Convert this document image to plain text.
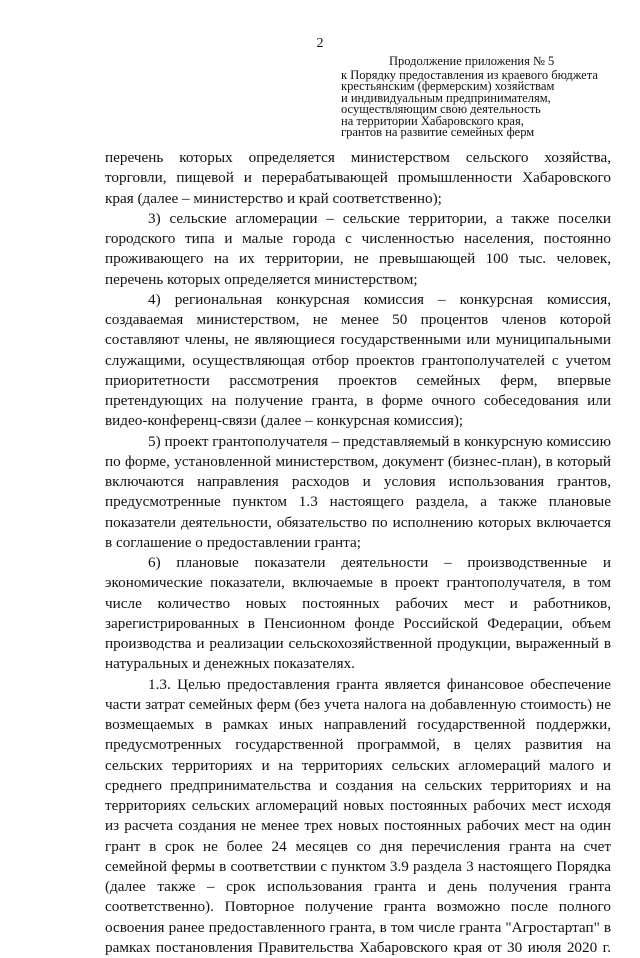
2
Продолжение приложения № 5
к Порядку предоставления из краевого бюджета
крестьянским (фермерским) хозяйствам
и индивидуальным предпринимателям,
осуществляющим свою деятельность
на территории Хабаровского края,
грантов на развитие семейных ферм

перечень которых определяется министерством сельского хозяйства, торговли, пищевой и перерабатывающей промышленности Хабаровского края (далее – министерство и край соответственно);

3) сельские агломерации – сельские территории, а также поселки городского типа и малые города с численностью населения, постоянно проживающего на их территории, не превышающей 100 тыс. человек, перечень которых определяется министерством;

4) региональная конкурсная комиссия – конкурсная комиссия, создаваемая министерством, не менее 50 процентов членов которой составляют члены, не являющиеся государственными или муниципальными служащими, осуществляющая отбор проектов грантополучателей с учетом приоритетности рассмотрения проектов семейных ферм, впервые претендующих на получение гранта, в форме очного собеседования или видео-конференц-связи (далее – конкурсная комиссия);

5) проект грантополучателя – представляемый в конкурсную комиссию по форме, установленной министерством, документ (бизнес-план), в который включаются направления расходов и условия использования грантов, предусмотренные пунктом 1.3 настоящего раздела, а также плановые показатели деятельности, обязательство по исполнению которых включается в соглашение о предоставлении гранта;

6) плановые показатели деятельности – производственные и экономические показатели, включаемые в проект грантополучателя, в том числе количество новых постоянных рабочих мест и работников, зарегистрированных в Пенсионном фонде Российской Федерации, объем производства и реализации сельскохозяйственной продукции, выраженный в натуральных и денежных показателях.

1.3. Целью предоставления гранта является финансовое обеспечение части затрат семейных ферм (без учета налога на добавленную стоимость) не возмещаемых в рамках иных направлений государственной поддержки, предусмотренных государственной программой, в целях развития на сельских территориях и на территориях сельских агломераций малого и среднего предпринимательства и создания на сельских территориях и на территориях сельских агломераций новых постоянных рабочих мест исходя из расчета создания не менее трех новых постоянных рабочих мест на один грант в срок не более 24 месяцев со дня перечисления гранта на счет семейной фермы в соответствии с пунктом 3.9 раздела 3 настоящего Порядка (далее также – срок использования гранта и день получения гранта соответственно). Повторное получение гранта возможно после полного освоения ранее предоставленного гранта, в том числе гранта "Агростартап" в рамках постановления Правительства Хабаровского края от 30 июля 2020 г.
